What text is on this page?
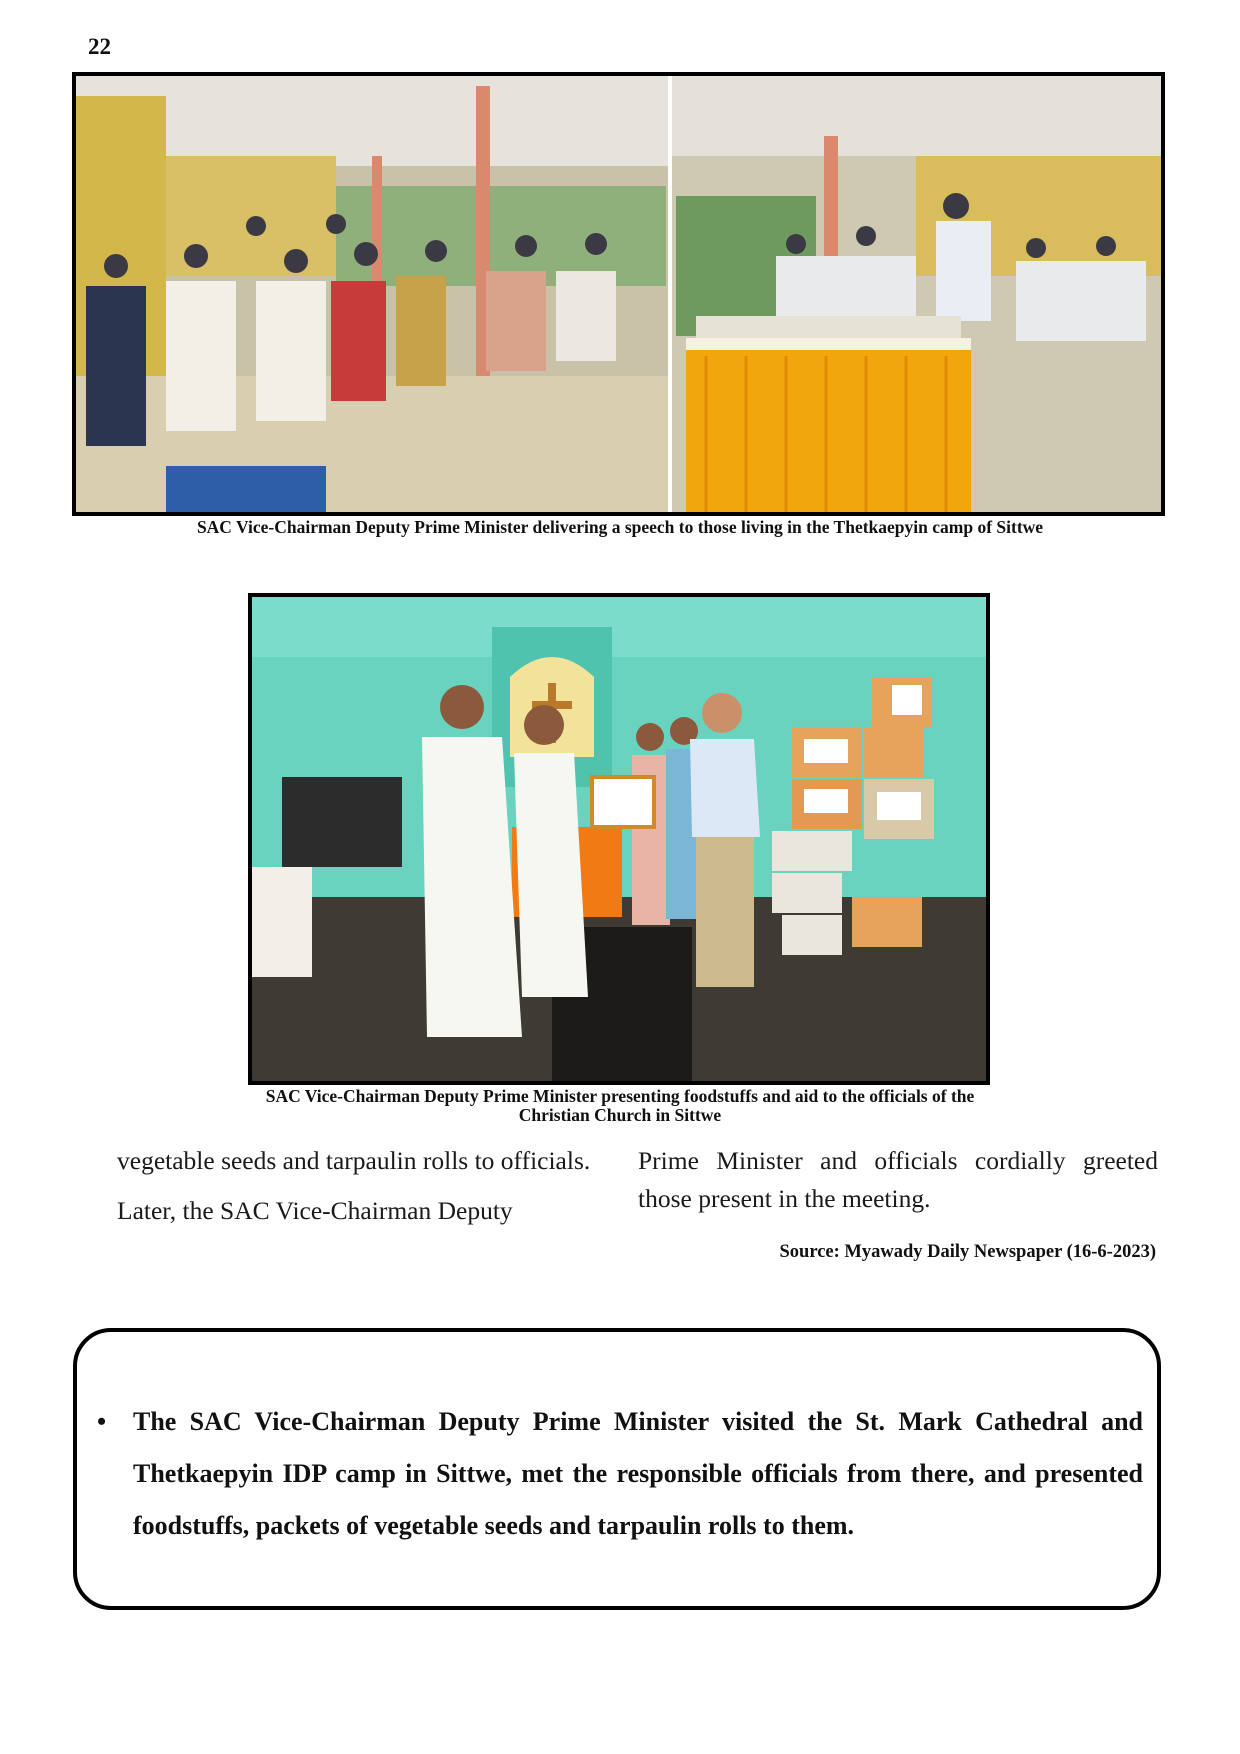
22
SAC Vice-Chairman Deputy Prime Minister delivering a speech to those living in the Thetkaepyin camp of Sittwe
SAC Vice-Chairman Deputy Prime Minister presenting foodstuffs and aid to the officials of the
Christian Church in Sittwe

vegetable seeds and tarpaulin rolls to officials.

Later, the SAC Vice-Chairman Deputy

Prime Minister and officials cordially greeted those present in the meeting.

Source: Myawady Daily Newspaper (16-6-2023)
• The SAC Vice-Chairman Deputy Prime Minister visited the St. Mark Cathedral and Thetkaepyin IDP camp in Sittwe, met the responsible officials from there, and presented foodstuffs, packets of vegetable seeds and tarpaulin rolls to them.
